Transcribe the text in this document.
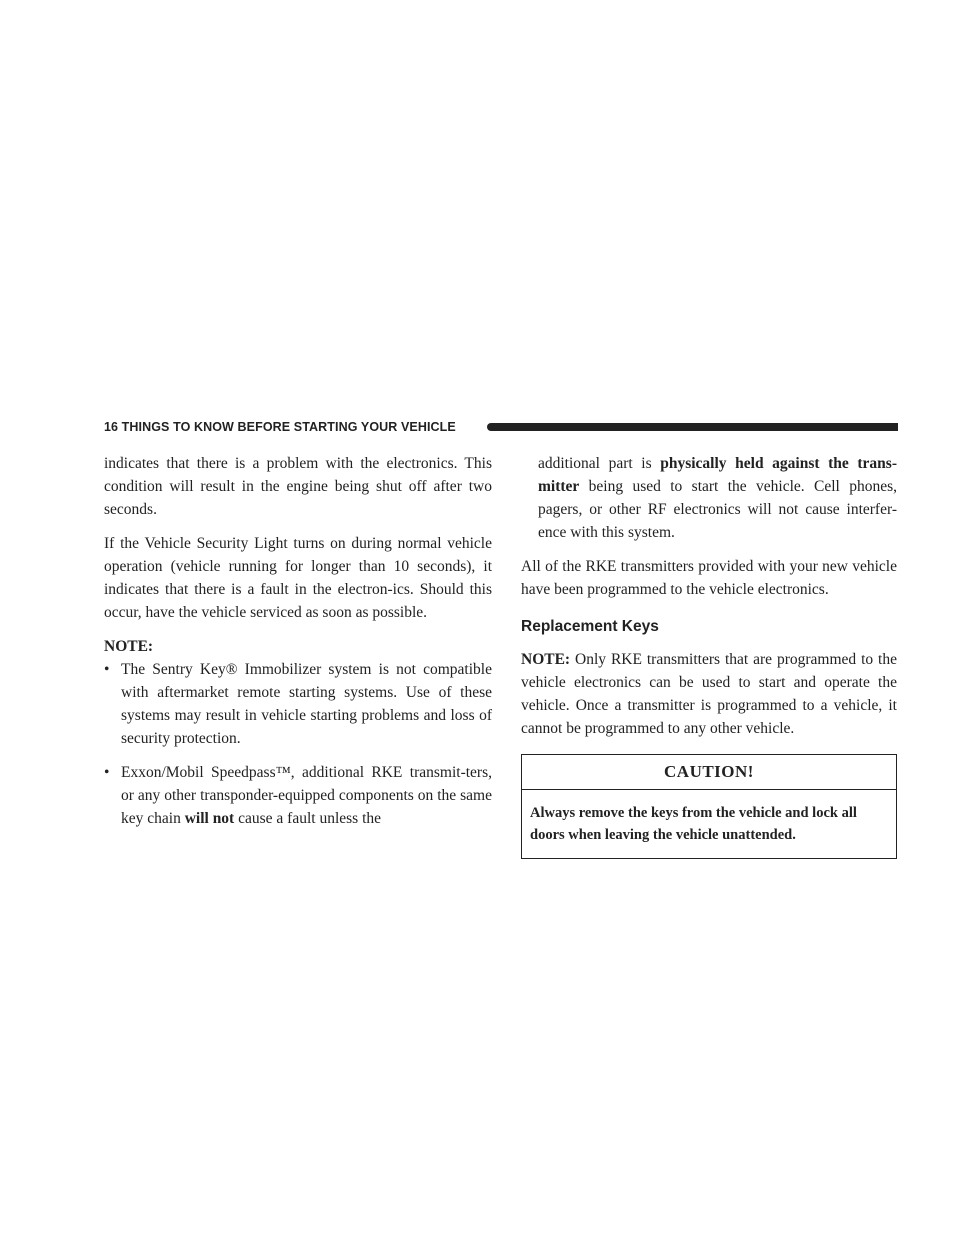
16 THINGS TO KNOW BEFORE STARTING YOUR VEHICLE

indicates that there is a problem with the electronics. This condition will result in the engine being shut off after two seconds.

If the Vehicle Security Light turns on during normal vehicle operation (vehicle running for longer than 10 seconds), it indicates that there is a fault in the electron-ics. Should this occur, have the vehicle serviced as soon as possible.

NOTE:

• The Sentry Key® Immobilizer system is not compatible with aftermarket remote starting systems. Use of these systems may result in vehicle starting problems and loss of security protection.
• Exxon/Mobil Speedpass™, additional RKE transmit-ters, or any other transponder-equipped components on the same key chain will not cause a fault unless the

additional part is physically held against the trans-mitter being used to start the vehicle. Cell phones, pagers, or other RF electronics will not cause interfer-ence with this system.

All of the RKE transmitters provided with your new vehicle have been programmed to the vehicle electronics.

Replacement Keys

NOTE: Only RKE transmitters that are programmed to the vehicle electronics can be used to start and operate the vehicle. Once a transmitter is programmed to a vehicle, it cannot be programmed to any other vehicle.

CAUTION!
Always remove the keys from the vehicle and lock all doors when leaving the vehicle unattended.
